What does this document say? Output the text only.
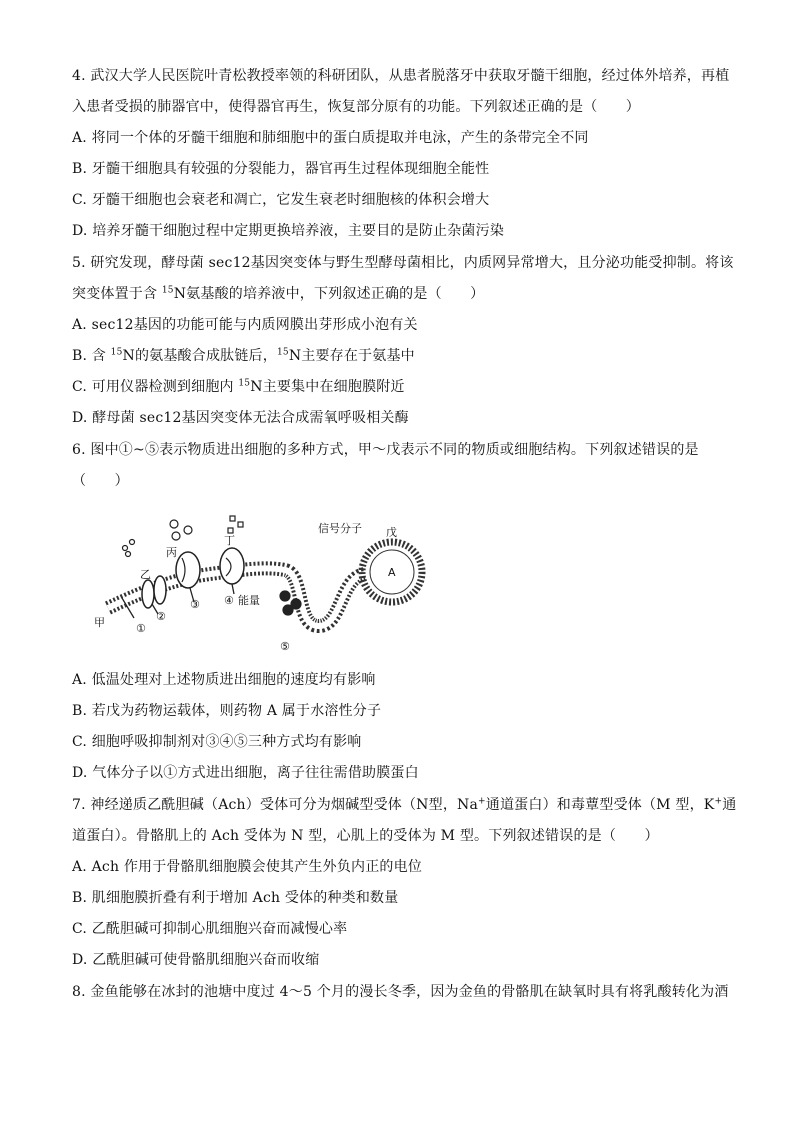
4. 武汉大学人民医院叶青松教授率领的科研团队，从患者脱落牙中获取牙髓干细胞，经过体外培养，再植
入患者受损的肺器官中，使得器官再生，恢复部分原有的功能。下列叙述正确的是（　　）
A. 将同一个体的牙髓干细胞和肺细胞中的蛋白质提取并电泳，产生的条带完全不同
B. 牙髓干细胞具有较强的分裂能力，器官再生过程体现细胞全能性
C. 牙髓干细胞也会衰老和凋亡，它发生衰老时细胞核的体积会增大
D. 培养牙髓干细胞过程中定期更换培养液，主要目的是防止杂菌污染
5. 研究发现，酵母菌 sec12基因突变体与野生型酵母菌相比，内质网异常增大，且分泌功能受抑制。将该
突变体置于含 $^{15}$N氨基酸的培养液中，下列叙述正确的是（　　）
A. sec12基因的功能可能与内质网膜出芽形成小泡有关
B. 含 $^{15}$N的氨基酸合成肽链后，$^{15}$N主要存在于氨基中
C. 可用仪器检测到细胞内 $^{15}$N主要集中在细胞膜附近
D. 酵母菌 sec12基因突变体无法合成需氧呼吸相关酶
6. 图中①~⑤表示物质进出细胞的多种方式，甲～戊表示不同的物质或细胞结构。下列叙述错误的是
（　　）
甲
乙
丙
丁
戊
信号分子
能量
A
①
②
③ ④
⑤
A. 低温处理对上述物质进出细胞的速度均有影响
B. 若戊为药物运载体，则药物 A 属于水溶性分子
C. 细胞呼吸抑制剂对③④⑤三种方式均有影响
D. 气体分子以①方式进出细胞，离子往往需借助膜蛋白
7. 神经递质乙酰胆碱（Ach）受体可分为烟碱型受体（N型，Na+通道蛋白）和毒蕈型受体（M 型，K+通
道蛋白）。骨骼肌上的 Ach 受体为 N 型，心肌上的受体为 M 型。下列叙述错误的是（　　）
A. Ach 作用于骨骼肌细胞膜会使其产生外负内正的电位
B. 肌细胞膜折叠有利于增加 Ach 受体的种类和数量
C. 乙酰胆碱可抑制心肌细胞兴奋而减慢心率
D. 乙酰胆碱可使骨骼肌细胞兴奋而收缩
8. 金鱼能够在冰封的池塘中度过 4～5 个月的漫长冬季，因为金鱼的骨骼肌在缺氧时具有将乳酸转化为酒
